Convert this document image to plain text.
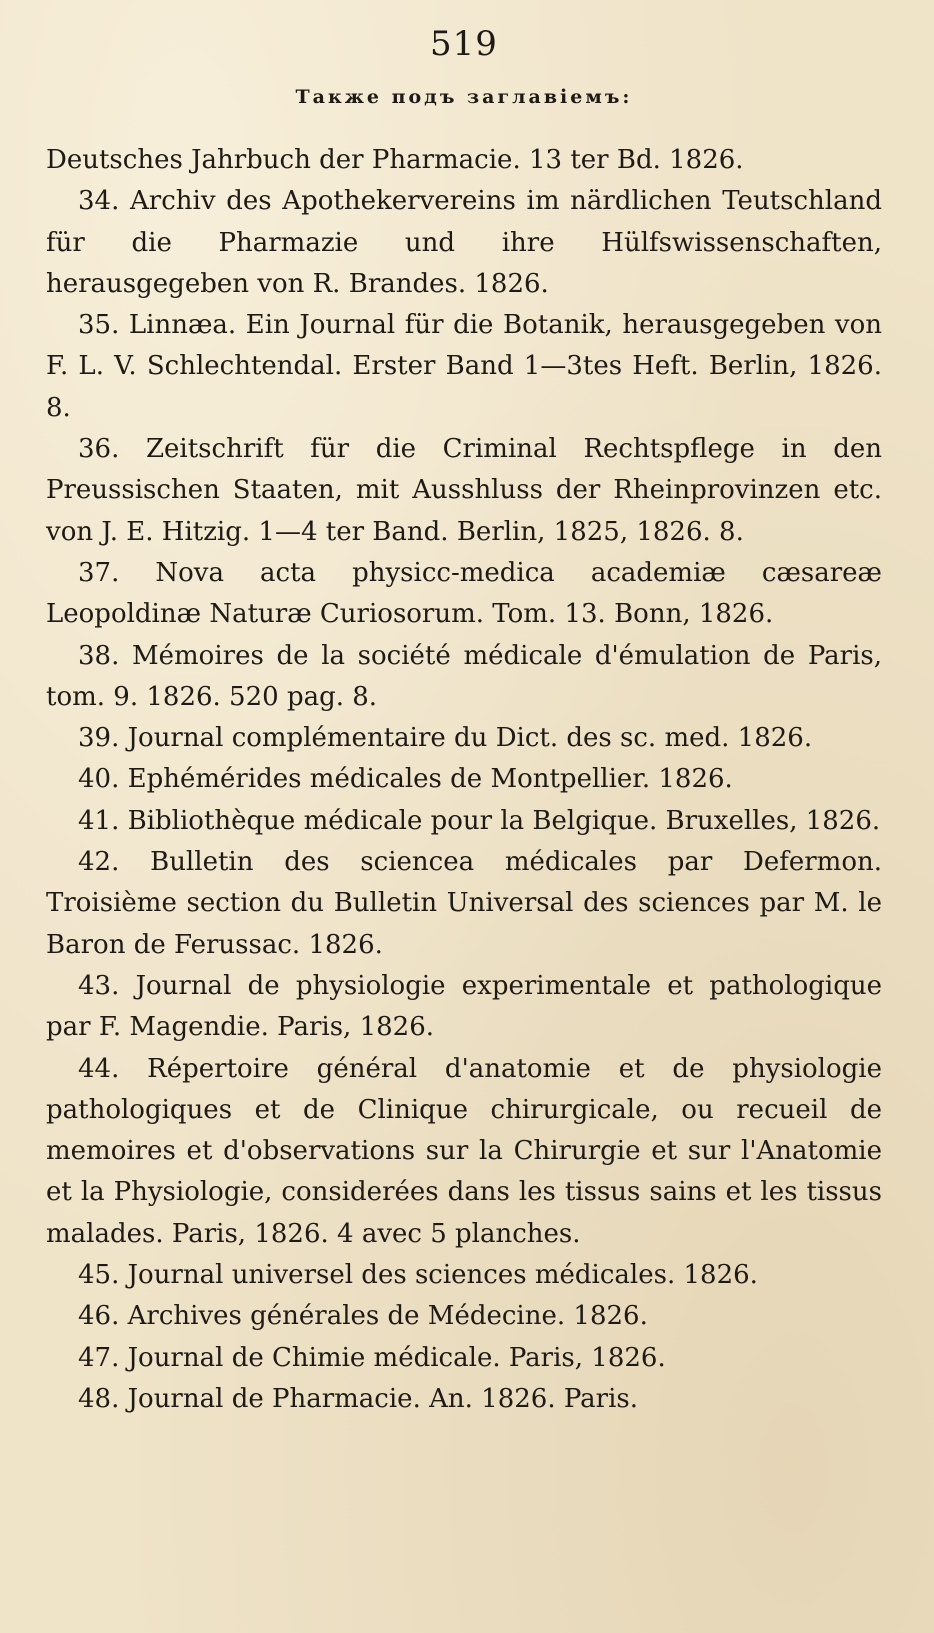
519
Также подъ заглавіемъ:

Deutsches Jahrbuch der Pharmacie. 13 ter Bd. 1826.

34. Archiv des Apothekervereins im närdlichen Teutschland für die Pharmazie und ihre Hülfswissenschaften, herausgegeben von R. Brandes. 1826.

35. Linnæa. Ein Journal für die Botanik, herausgegeben von F. L. V. Schlechtendal. Erster Band 1—3tes Heft. Berlin, 1826. 8.

36. Zeitschrift für die Criminal Rechtspflege in den Preussischen Staaten, mit Ausshluss der Rheinprovinzen etc. von J. E. Hitzig. 1—4 ter Band. Berlin, 1825, 1826. 8.

37. Nova acta physicc-medica academiæ cæsareæ Leopoldinæ Naturæ Curiosorum. Tom. 13. Bonn, 1826.

38. Mémoires de la société médicale d'émulation de Paris, tom. 9. 1826. 520 pag. 8.

39. Journal complémentaire du Dict. des sc. med. 1826.

40. Ephémérides médicales de Montpellier. 1826.

41. Bibliothèque médicale pour la Belgique. Bruxelles, 1826.

42. Bulletin des sciencea médicales par Defermon. Troisième section du Bulletin Universal des sciences par M. le Baron de Ferussac. 1826.

43. Journal de physiologie experimentale et pathologique par F. Magendie. Paris, 1826.

44. Répertoire général d'anatomie et de physiologie pathologiques et de Clinique chirurgicale, ou recueil de memoires et d'observations sur la Chirurgie et sur l'Anatomie et la Physiologie, considerées dans les tissus sains et les tissus malades. Paris, 1826. 4 avec 5 planches.

45. Journal universel des sciences médicales. 1826.

46. Archives générales de Médecine. 1826.

47. Journal de Chimie médicale. Paris, 1826.

48. Journal de Pharmacie. An. 1826. Paris.
